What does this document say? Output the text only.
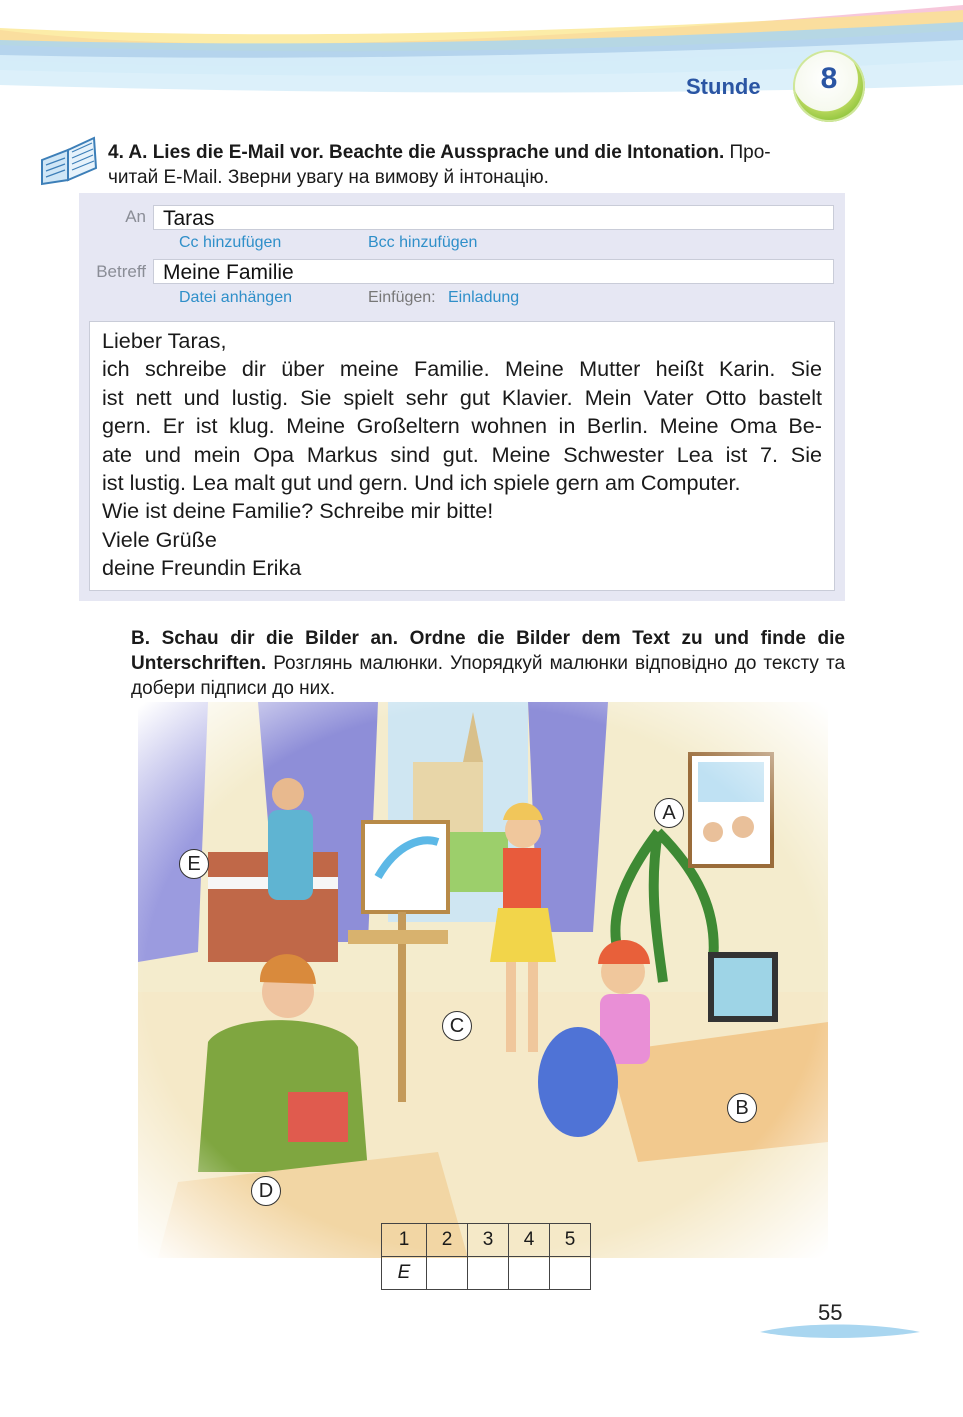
Stunde	8
4. A. Lies die E-Mail vor. Beachte die Aussprache und die Intonation. Про-
читай E-Mail. Зверни увагу на вимову й інтонацію.
An Taras
Cc hinzufügen	Bcc hinzufügen
Betreff Meine Familie
Datei anhängen	Einfügen: Einladung
Lieber Taras,
ich schreibe dir über meine Familie. Meine Mutter heißt Karin. Sie
ist nett und lustig. Sie spielt sehr gut Klavier. Mein Vater Otto bastelt
gern. Er ist klug. Meine Großeltern wohnen in Berlin. Meine Oma Be-
ate und mein Opa Markus sind gut. Meine Schwester Lea ist 7. Sie
ist lustig. Lea malt gut und gern. Und ich spiele gern am Computer.
Wie ist deine Familie? Schreibe mir bitte!
Viele Grüße
deine Freundin Erika
B. Schau dir die Bilder an. Ordne die Bilder dem Text zu und finde die Unterschriften. Розглянь малюнки. Упорядкуй малюнки відповідно до тексту та добери підписи до них.
A
B
C
D
E
1	2	3	4	5
E				
55
